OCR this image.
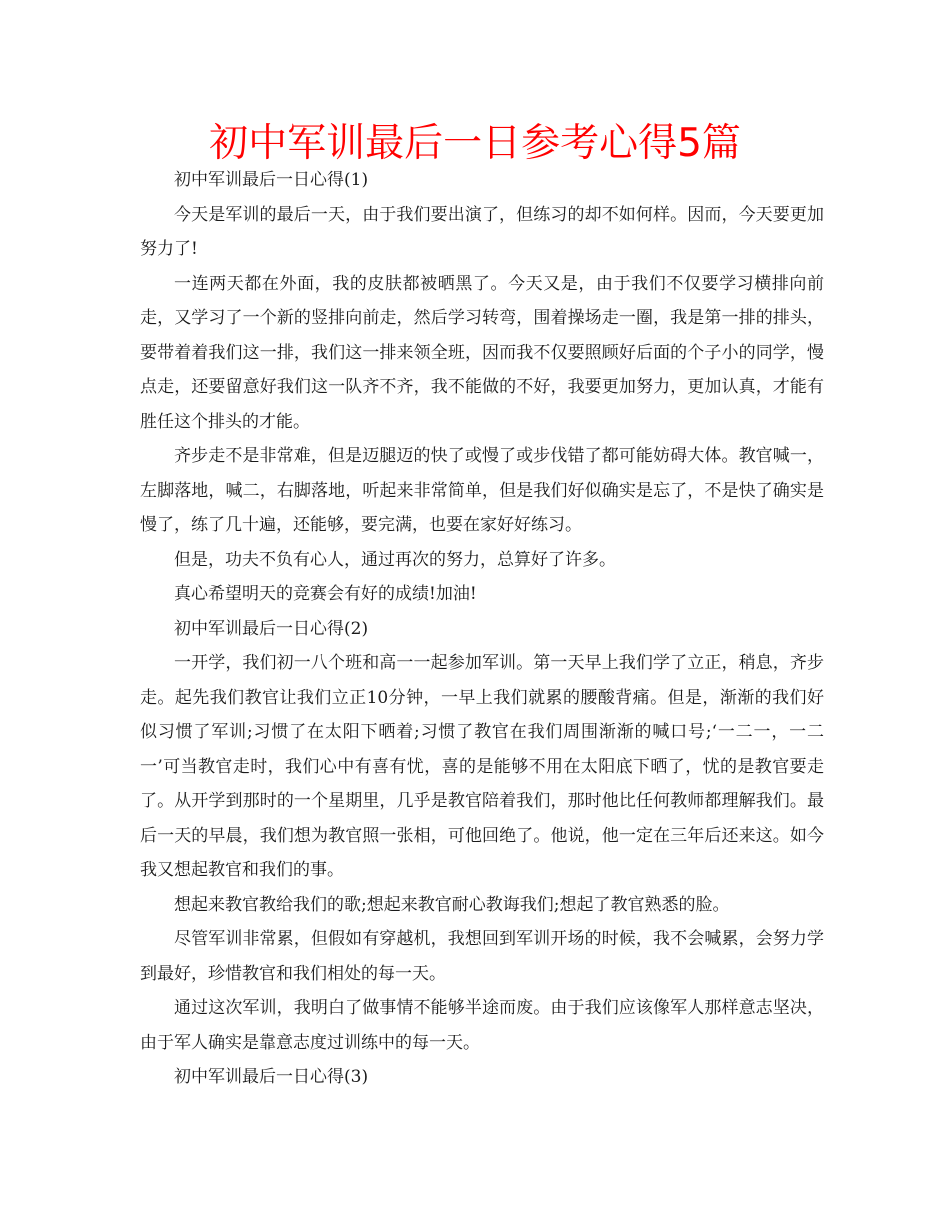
初中军训最后一日参考心得5篇

初中军训最后一日心得(1)

今天是军训的最后一天，由于我们要出演了，但练习的却不如何样。因而，今天要更加努力了!

一连两天都在外面，我的皮肤都被晒黑了。今天又是，由于我们不仅要学习横排向前走，又学习了一个新的竖排向前走，然后学习转弯，围着操场走一圈，我是第一排的排头，要带着着我们这一排，我们这一排来领全班，因而我不仅要照顾好后面的个子小的同学，慢点走，还要留意好我们这一队齐不齐，我不能做的不好，我要更加努力，更加认真，才能有胜任这个排头的才能。

齐步走不是非常难，但是迈腿迈的快了或慢了或步伐错了都可能妨碍大体。教官喊一，左脚落地，喊二，右脚落地，听起来非常简单，但是我们好似确实是忘了，不是快了确实是慢了，练了几十遍，还能够，要完满，也要在家好好练习。

但是，功夫不负有心人，通过再次的努力，总算好了许多。

真心希望明天的竞赛会有好的成绩!加油!

初中军训最后一日心得(2)

一开学，我们初一八个班和高一一起参加军训。第一天早上我们学了立正，稍息，齐步走。起先我们教官让我们立正10分钟，一早上我们就累的腰酸背痛。但是，渐渐的我们好似习惯了军训;习惯了在太阳下晒着;习惯了教官在我们周围渐渐的喊口号;‘一二一，一二一’可当教官走时，我们心中有喜有忧，喜的是能够不用在太阳底下晒了，忧的是教官要走了。从开学到那时的一个星期里，几乎是教官陪着我们，那时他比任何教师都理解我们。最后一天的早晨，我们想为教官照一张相，可他回绝了。他说，他一定在三年后还来这。如今我又想起教官和我们的事。

想起来教官教给我们的歌;想起来教官耐心教诲我们;想起了教官熟悉的脸。

尽管军训非常累，但假如有穿越机，我想回到军训开场的时候，我不会喊累，会努力学到最好，珍惜教官和我们相处的每一天。

通过这次军训，我明白了做事情不能够半途而废。由于我们应该像军人那样意志坚决，由于军人确实是靠意志度过训练中的每一天。

初中军训最后一日心得(3)
